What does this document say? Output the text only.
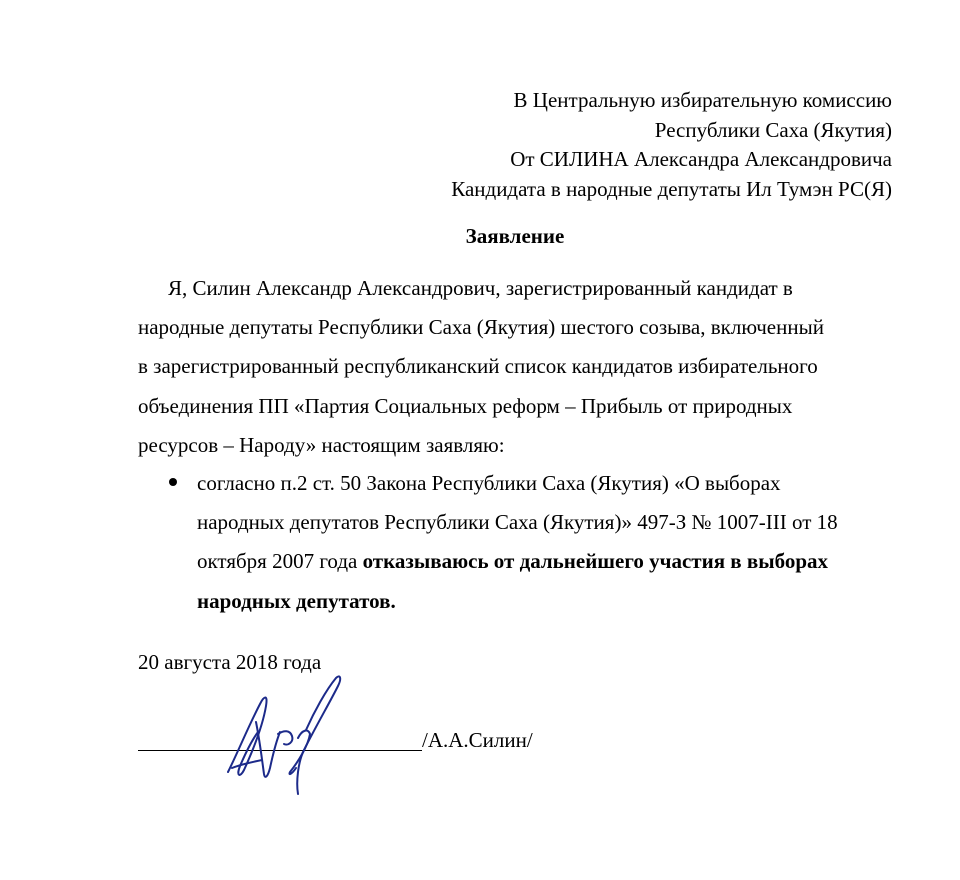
В Центральную избирательную комиссию
Республики Саха (Якутия)
От СИЛИНА Александра Александровича
Кандидата в народные депутаты Ил Тумэн РС(Я)
Заявление
Я, Силин Александр Александрович, зарегистрированный кандидат в
народные депутаты Республики Саха (Якутия) шестого созыва, включенный
в зарегистрированный республиканский список кандидатов избирательного
объединения ПП «Партия Социальных реформ – Прибыль от природных
ресурсов – Народу» настоящим заявляю:
согласно п.2 ст. 50 Закона Республики Саха (Якутия) «О выборах
народных депутатов Республики Саха (Якутия)» 497-З № 1007-III от 18
октября 2007 года отказываюсь от дальнейшего участия в выборах
народных депутатов.
20 августа 2018 года
/А.А.Силин/
